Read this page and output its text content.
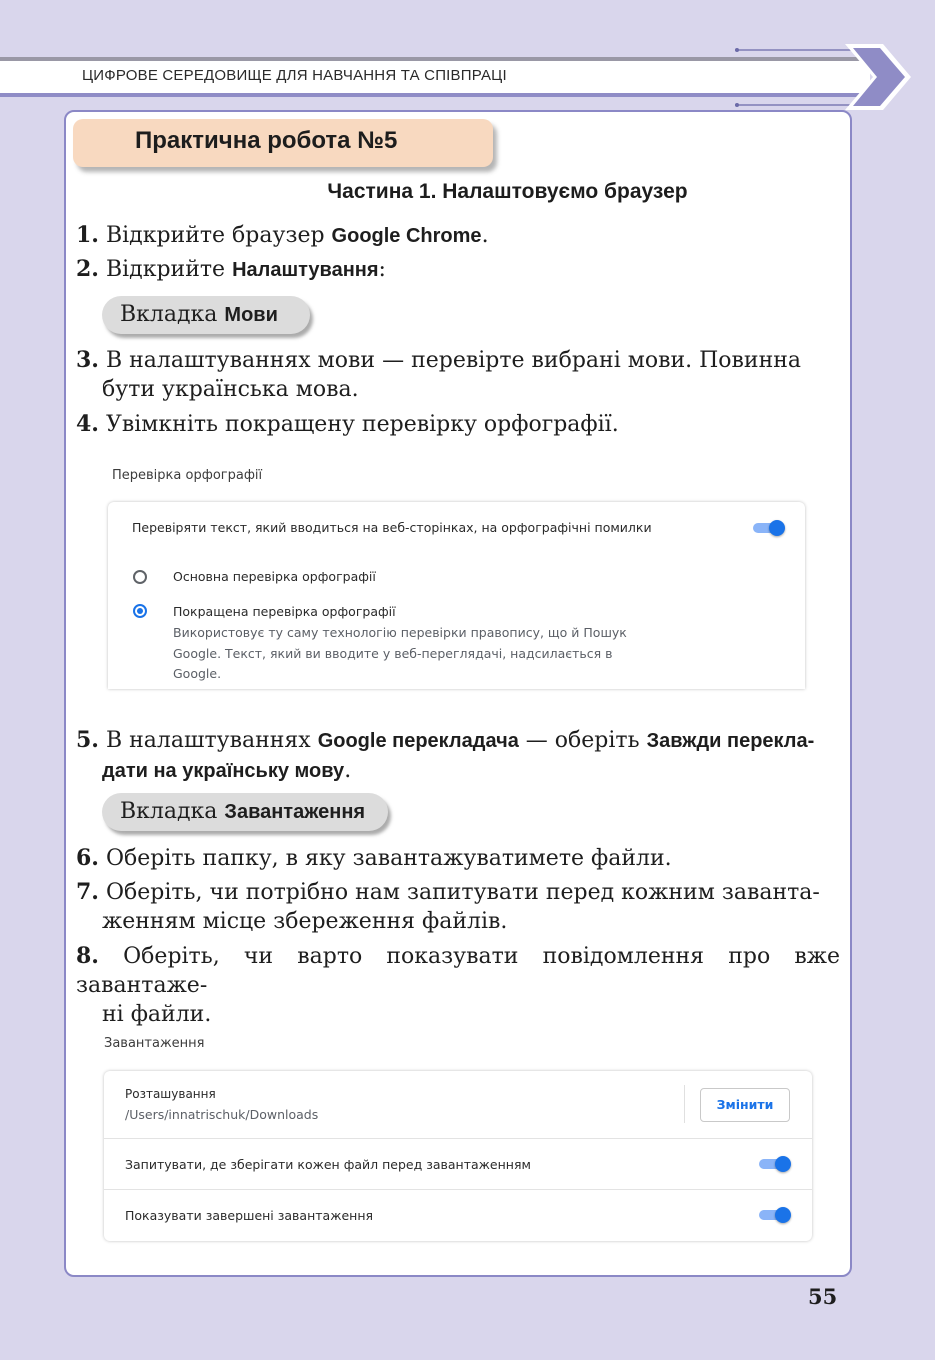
ЦИФРОВЕ СЕРЕДОВИЩЕ ДЛЯ НАВЧАННЯ ТА СПІВПРАЦІ
Практична робота №5
Частина 1. Налаштовуємо браузер
1. Відкрийте браузер Google Chrome.
2. Відкрийте Налаштування:
Вкладка Мови
3. В налаштуваннях мови — перевірте вибрані мови. Повинна
бути українська мова.
4. Увімкніть покращену перевірку орфографії.
Перевірка орфографії
Перевіряти текст, який вводиться на веб-сторінках, на орфографічні помилки
Основна перевірка орфографії
Покращена перевірка орфографії
Використовує ту саму технологію перевірки правопису, що й Пошук
Google. Текст, який ви вводите у веб-переглядачі, надсилається в
Google.
5. В налаштуваннях Google перекладача — оберіть Завжди перекла-
дати на українську мову.
Вкладка Завантаження
6. Оберіть папку, в яку завантажуватимете файли.
7. Оберіть, чи потрібно нам запитувати перед кожним заванта-
женням місце збереження файлів.
8. Оберіть, чи варто показувати повідомлення про вже завантаже-
ні файли.
Завантаження
Розташування
/Users/innatrischuk/Downloads
Змінити
Запитувати, де зберігати кожен файл перед завантаженням
Показувати завершені завантаження
55
